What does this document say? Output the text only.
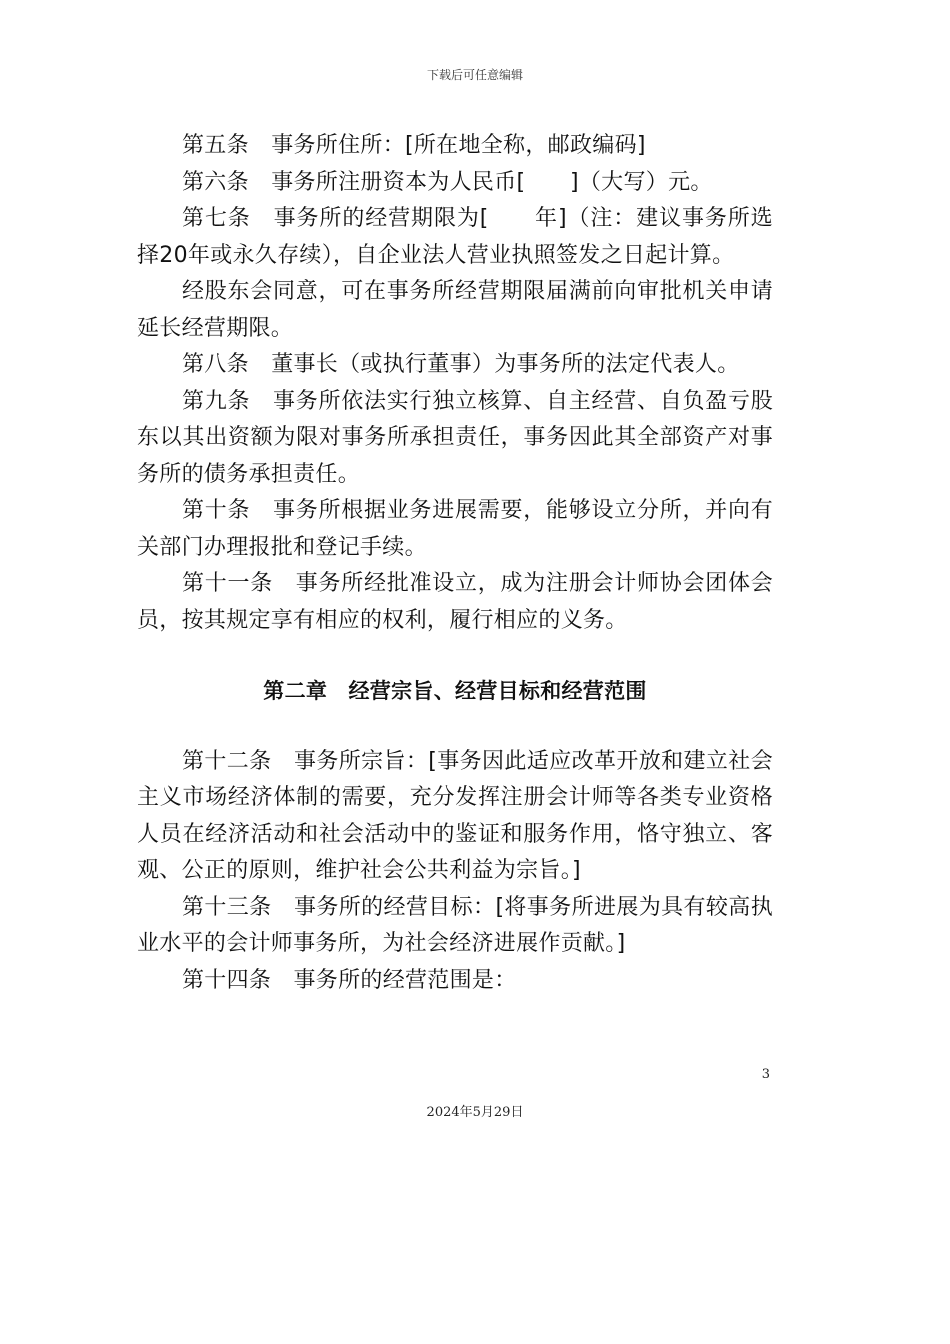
下载后可任意编辑

第五条　事务所住所：[所在地全称，邮政编码]

第六条　事务所注册资本为人民币[　　]（大写）元。

第七条　事务所的经营期限为[　　年]（注：建议事务所选择20年或永久存续），自企业法人营业执照签发之日起计算。

经股东会同意，可在事务所经营期限届满前向审批机关申请延长经营期限。

第八条　董事长（或执行董事）为事务所的法定代表人。

第九条　事务所依法实行独立核算、自主经营、自负盈亏股东以其出资额为限对事务所承担责任，事务因此其全部资产对事务所的债务承担责任。

第十条　事务所根据业务进展需要，能够设立分所，并向有关部门办理报批和登记手续。

第十一条　事务所经批准设立，成为注册会计师协会团体会员，按其规定享有相应的权利，履行相应的义务。

第二章　经营宗旨、经营目标和经营范围

第十二条　事务所宗旨：[事务因此适应改革开放和建立社会主义市场经济体制的需要，充分发挥注册会计师等各类专业资格人员在经济活动和社会活动中的鉴证和服务作用，恪守独立、客观、公正的原则，维护社会公共利益为宗旨。]

第十三条　事务所的经营目标：[将事务所进展为具有较高执业水平的会计师事务所，为社会经济进展作贡献。]

第十四条　事务所的经营范围是：

3
2024年5月29日
